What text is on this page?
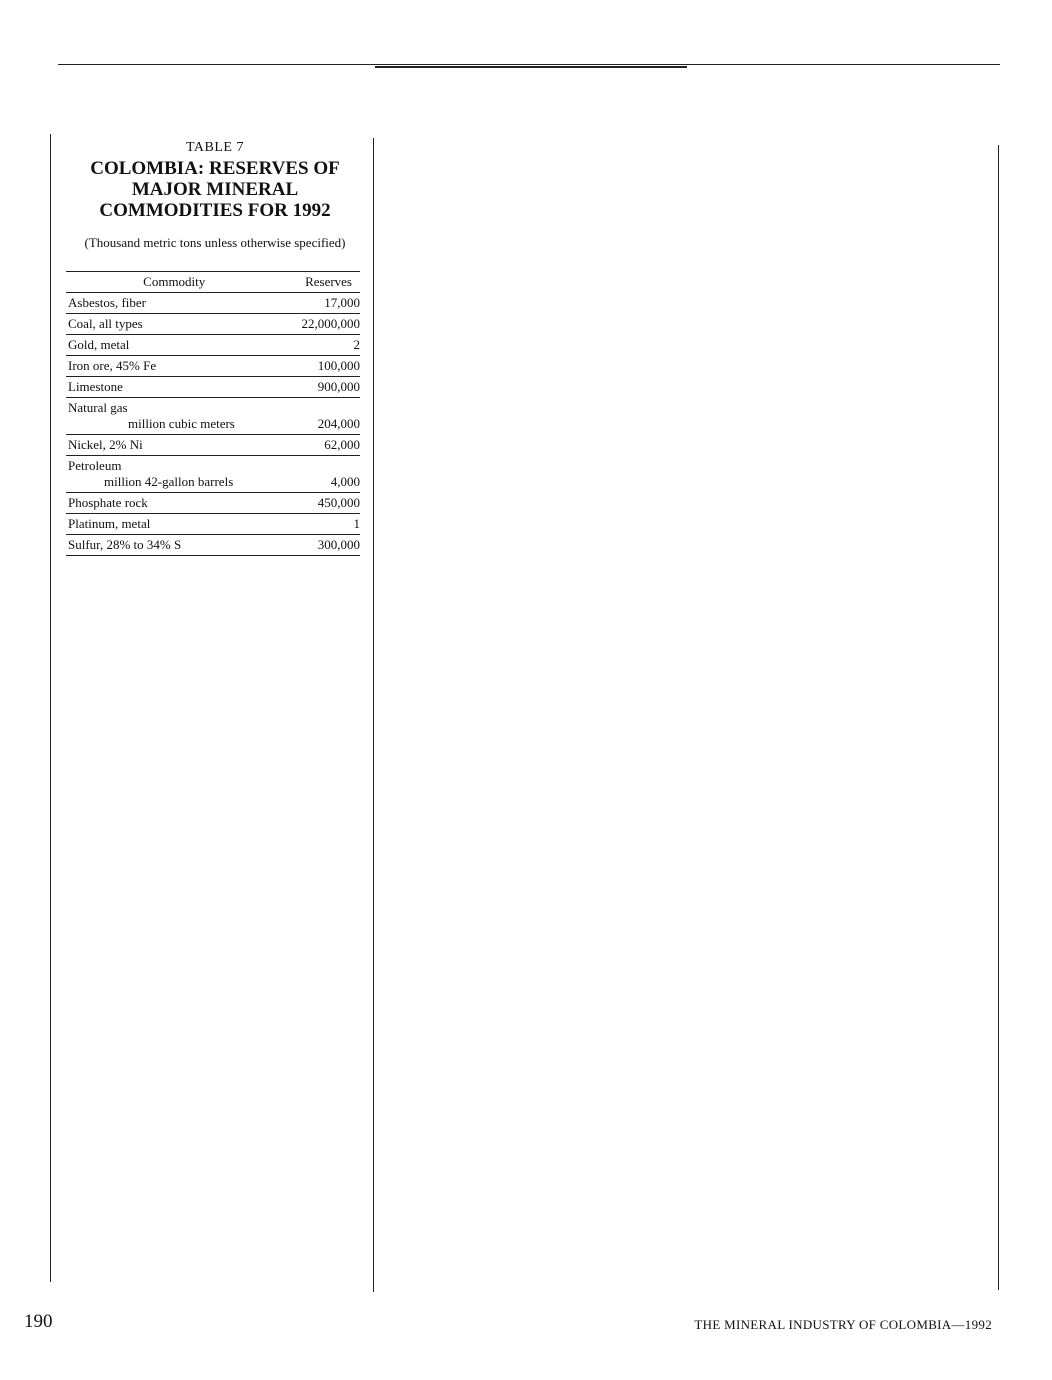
TABLE 7

COLOMBIA: RESERVES OF
MAJOR MINERAL
COMMODITIES FOR 1992

(Thousand metric tons unless otherwise specified)

Commodity	Reserves
Asbestos, fiber	17,000
Coal, all types	22,000,000
Gold, metal	2
Iron ore, 45% Fe	100,000
Limestone	900,000
Natural gas
million cubic meters	204,000
Nickel, 2% Ni	62,000
Petroleum
million 42-gallon barrels	4,000
Phosphate rock	450,000
Platinum, metal	1
Sulfur, 28% to 34% S	300,000
190	THE MINERAL INDUSTRY OF COLOMBIA—1992
